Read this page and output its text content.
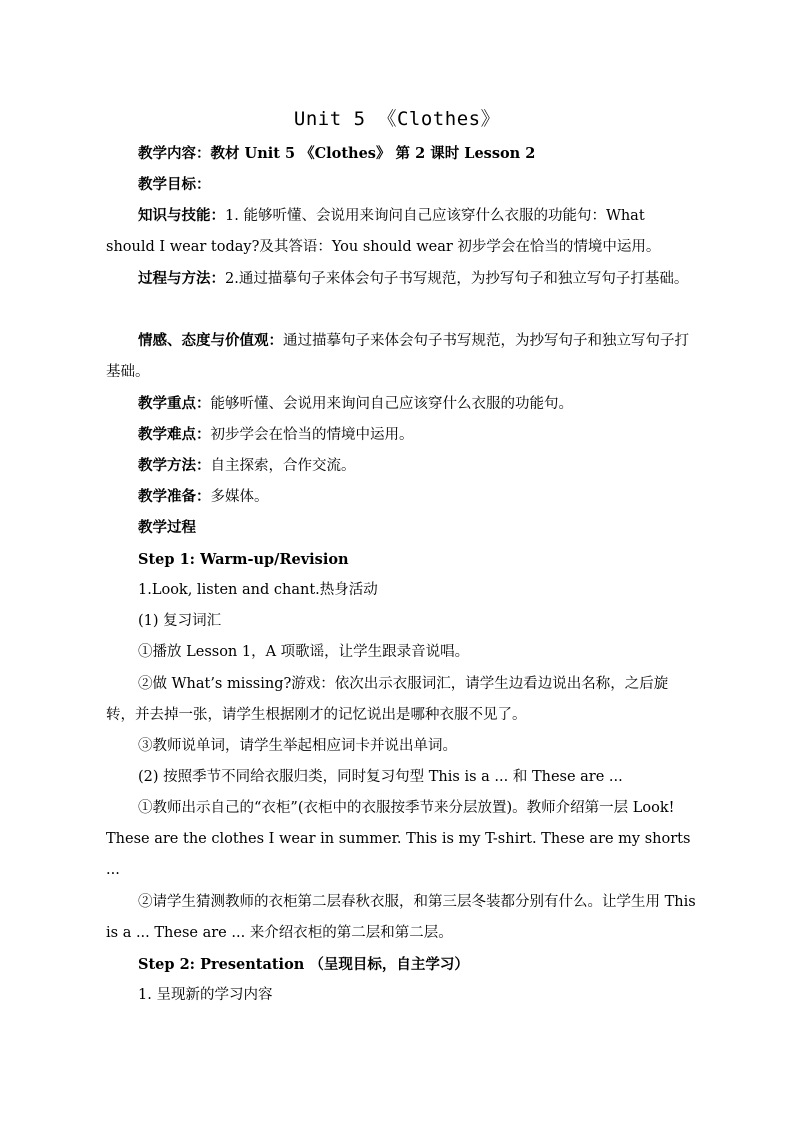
Unit 5 《Clothes》

教学内容：教材 Unit 5 《Clothes》 第 2 课时 Lesson 2

教学目标：

知识与技能：1. 能够听懂、会说用来询问自己应该穿什么衣服的功能句：What should I wear today?及其答语：You should wear 初步学会在恰当的情境中运用。

过程与方法：2.通过描摹句子来体会句子书写规范，为抄写句子和独立写句子打基础。

情感、态度与价值观：通过描摹句子来体会句子书写规范，为抄写句子和独立写句子打基础。

教学重点：能够听懂、会说用来询问自己应该穿什么衣服的功能句。

教学难点：初步学会在恰当的情境中运用。

教学方法：自主探索，合作交流。

教学准备：多媒体。

教学过程

Step 1: Warm-up/Revision

1.Look, listen and chant.热身活动

(1) 复习词汇

①播放 Lesson 1，A 项歌谣，让学生跟录音说唱。

②做 What’s missing?游戏：依次出示衣服词汇，请学生边看边说出名称，之后旋转，并去掉一张，请学生根据刚才的记忆说出是哪种衣服不见了。

③教师说单词，请学生举起相应词卡并说出单词。

(2) 按照季节不同给衣服归类，同时复习句型 This is a ... 和 These are ...

①教师出示自己的“衣柜”(衣柜中的衣服按季节来分层放置)。教师介绍第一层 Look! These are the clothes I wear in summer. This is my T-shirt. These are my shorts ...

②请学生猜测教师的衣柜第二层春秋衣服，和第三层冬装都分别有什么。让学生用 This is a ... These are ... 来介绍衣柜的第二层和第二层。

Step 2: Presentation （呈现目标，自主学习）

1. 呈现新的学习内容
